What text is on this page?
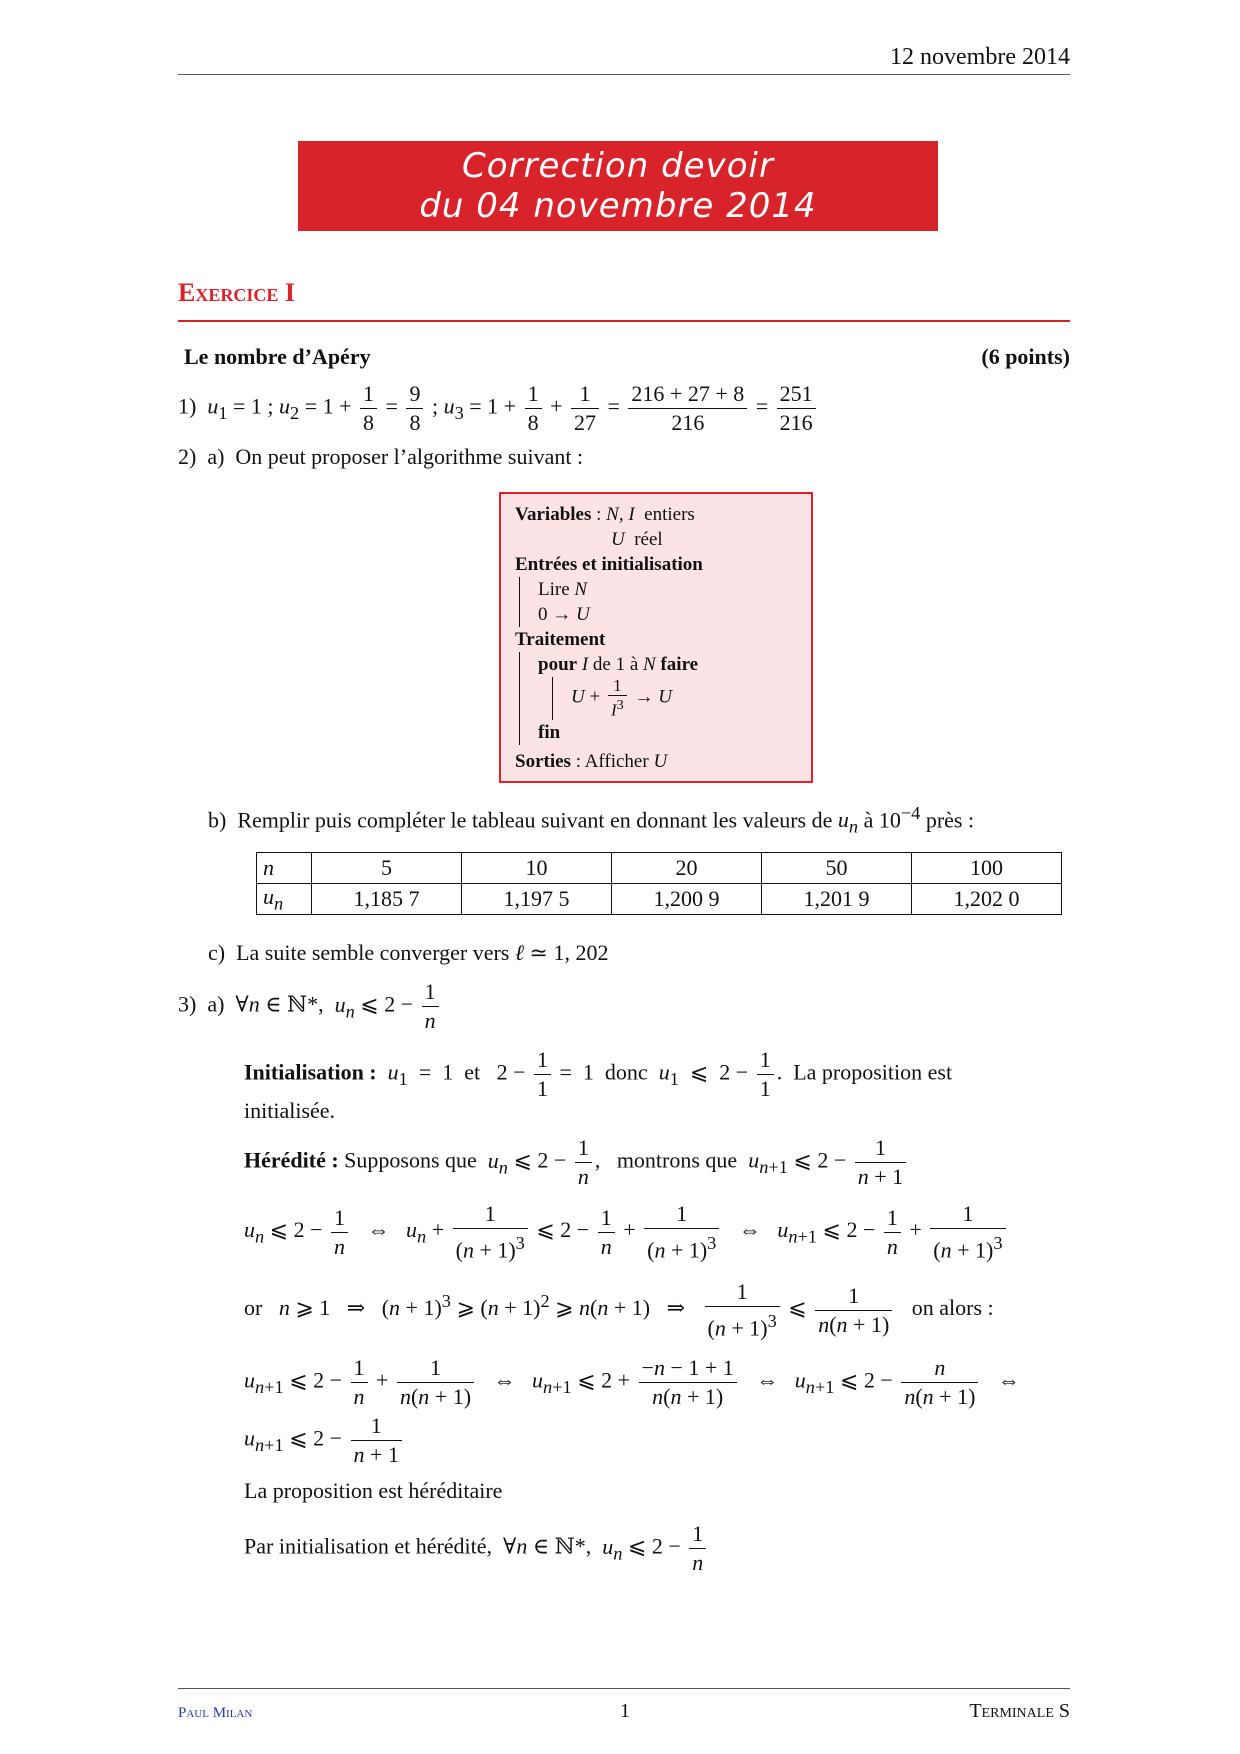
12 novembre 2014
Correction devoir
du 04 novembre 2014
Exercice I
Le nombre d’Apéry	(6 points)
1) $u_1 = 1$ ; $u_2 = 1 + \frac{1}{8} = \frac{9}{8}$ ; $u_3 = 1 + \frac{1}{8} + \frac{1}{27} = \frac{216 + 27 + 8}{216} = \frac{251}{216}$
2) a) On peut proposer l’algorithme suivant :
Variables : N, I entiers
U réel
Entrées et initialisation
Lire N
0 → U
Traitement
pour I de 1 à N faire
$U + \frac{1}{I^3} \to U$
fin
Sorties : Afficher U
b) Remplir puis compléter le tableau suivant en donnant les valeurs de $u_n$ à $10^{-4}$ près :
n	5	10	20	50	100
$u_n$	1,185 7	1,197 5	1,200 9	1,201 9	1,202 0
c) La suite semble converger vers ℓ ≃ 1, 202
3) a)  ∀n ∈ ℕ*,  $u_n$ ⩽ $2 - \frac{1}{n}$
Initialisation : $u_1 = 1$  et   $2 - \frac{1}{1} = 1$  donc  $u_1$  ⩽  $2 - \frac{1}{1}$ .  La proposition est
initialisée.
Hérédité : Supposons que $u_n$ ⩽ $2 - \frac{1}{n}$ ,   montrons que $u_{n+1}$ ⩽ $2 - \frac{1}{n + 1}$
$u_n$ ⩽ $2 - \frac{1}{n}$ ⇔   $u_n + \frac{1}{(n + 1)^3}$ ⩽ $2 - \frac{1}{n} + \frac{1}{(n + 1)^3}$ ⇔   $u_{n+1}$ ⩽ $2 - \frac{1}{n} + \frac{1}{(n + 1)^3}$
or n ⩾ 1   ⇒   $(n + 1)^3$ ⩾ $(n + 1)^2$ ⩾ n(n + 1)   ⇒ $\frac{1}{(n + 1)^3}$ ⩽ $\frac{1}{n(n + 1)}$ on alors :
$u_{n+1}$ ⩽ $2 - \frac{1}{n} + \frac{1}{n(n + 1)}$ ⇔   $u_{n+1}$ ⩽ $2 + \frac{-n - 1 + 1}{n(n + 1)}$ ⇔   $u_{n+1}$ ⩽ $2 - \frac{n}{n(n + 1)}$ ⇔
$u_{n+1}$ ⩽ $2 - \frac{1}{n + 1}$
La proposition est héréditaire
Par initialisation et hérédité,  ∀n ∈ ℕ*,  $u_n$ ⩽ $2 - \frac{1}{n}$
Paul Milan	1	Terminale S
